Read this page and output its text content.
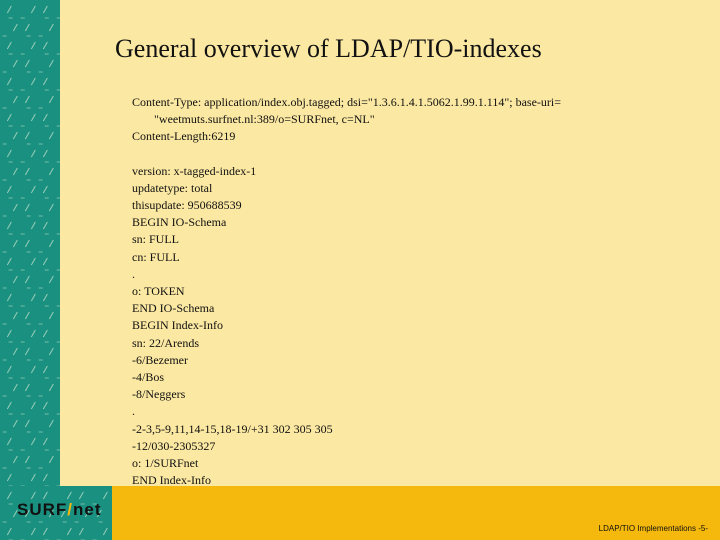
SURF/net
General overview of LDAP/TIO-indexes
Content-Type: application/index.obj.tagged; dsi="1.3.6.1.4.1.5062.1.99.1.114"; base-uri=
"weetmuts.surfnet.nl:389/o=SURFnet, c=NL"
Content-Length:6219
version: x-tagged-index-1
updatetype: total
thisupdate: 950688539
BEGIN IO-Schema
sn: FULL
cn: FULL
.
o: TOKEN
END IO-Schema
BEGIN Index-Info
sn: 22/Arends
-6/Bezemer
-4/Bos
-8/Neggers
.
-2-3,5-9,11,14-15,18-19/+31 302 305 305
-12/030-2305327
o: 1/SURFnet
END Index-Info
LDAP/TIO Implementations -5-
